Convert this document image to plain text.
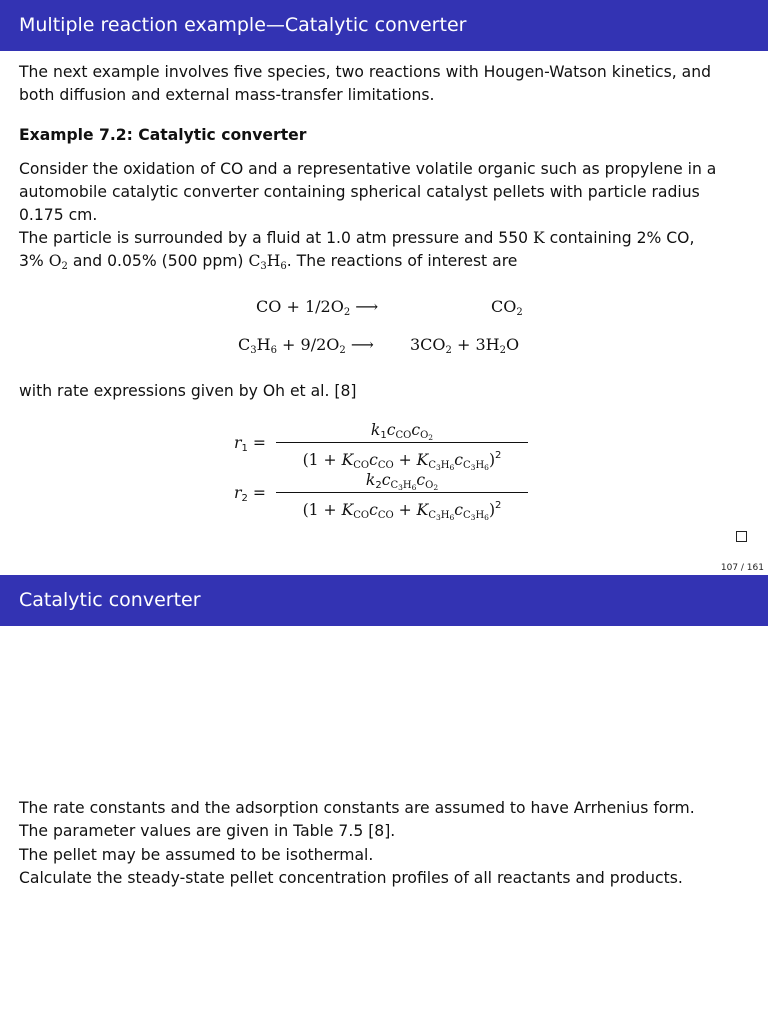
Multiple reaction example—Catalytic converter
The next example involves five species, two reactions with Hougen-Watson kinetics, and
both diffusion and external mass-transfer limitations.
Example 7.2: Catalytic converter
Consider the oxidation of CO and a representative volatile organic such as propylene in a
automobile catalytic converter containing spherical catalyst pellets with particle radius
0.175 cm.
The particle is surrounded by a fluid at 1.0 atm pressure and 550 K containing 2% CO,
3% $O_2$ and 0.05% (500 ppm) $C_3H_6$. The reactions of interest are
CO + $1/2O_2$ ⟶	$CO_2$
$C_3H_6 + 9/2O_2$ ⟶ $3CO_2 + 3H_2O$
with rate expressions given by Oh et al. [8]
$r_1$ =
$k_1c_{CO}c_{O_2}$
$(1 + K_{CO}c_{CO} + K_{C_3H_6}c_{C_3H_6})^2$
$r_2$ =
$k_2c_{C_3H_6}c_{O_2}$
$(1 + K_{CO}c_{CO} + K_{C_3H_6}c_{C_3H_6})^2$
107 / 161
Catalytic converter
The rate constants and the adsorption constants are assumed to have Arrhenius form.
The parameter values are given in Table 7.5 [8].
The pellet may be assumed to be isothermal.
Calculate the steady-state pellet concentration profiles of all reactants and products.
